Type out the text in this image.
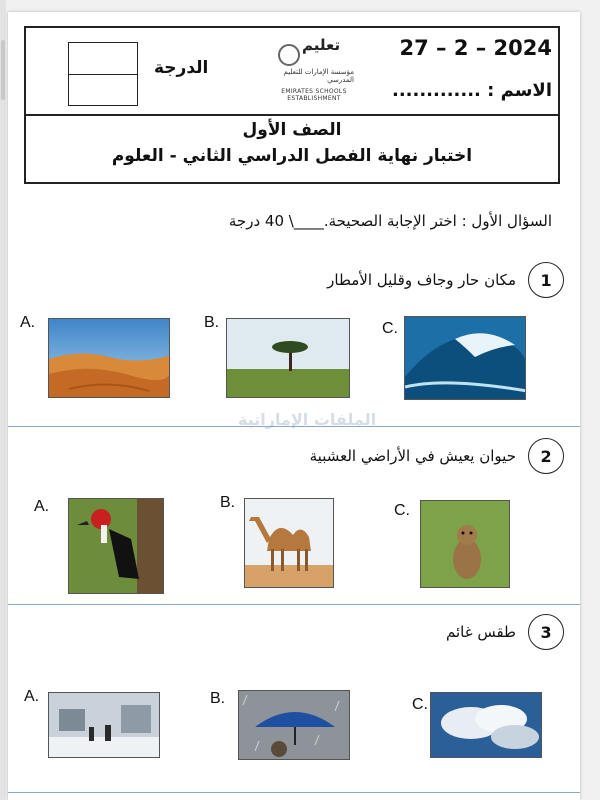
الدرجة
تعليم
مؤسسة الإمارات للتعليم المدرسي
EMIRATES SCHOOLS ESTABLISHMENT
27 – 2 – 2024
الاسم : .............
الصف الأول
اختبار نهاية الفصل الدراسي الثاني - العلوم
السؤال الأول : اختر الإجابة الصحيحة.____\ 40 درجة
1
مكان حار وجاف وقليل الأمطار
A.	B.	C.
الملفات الإماراتية
2
حيوان يعيش في الأراضي العشبية
A.	B.	C.
3
طقس غائم
A.	B.	C.
